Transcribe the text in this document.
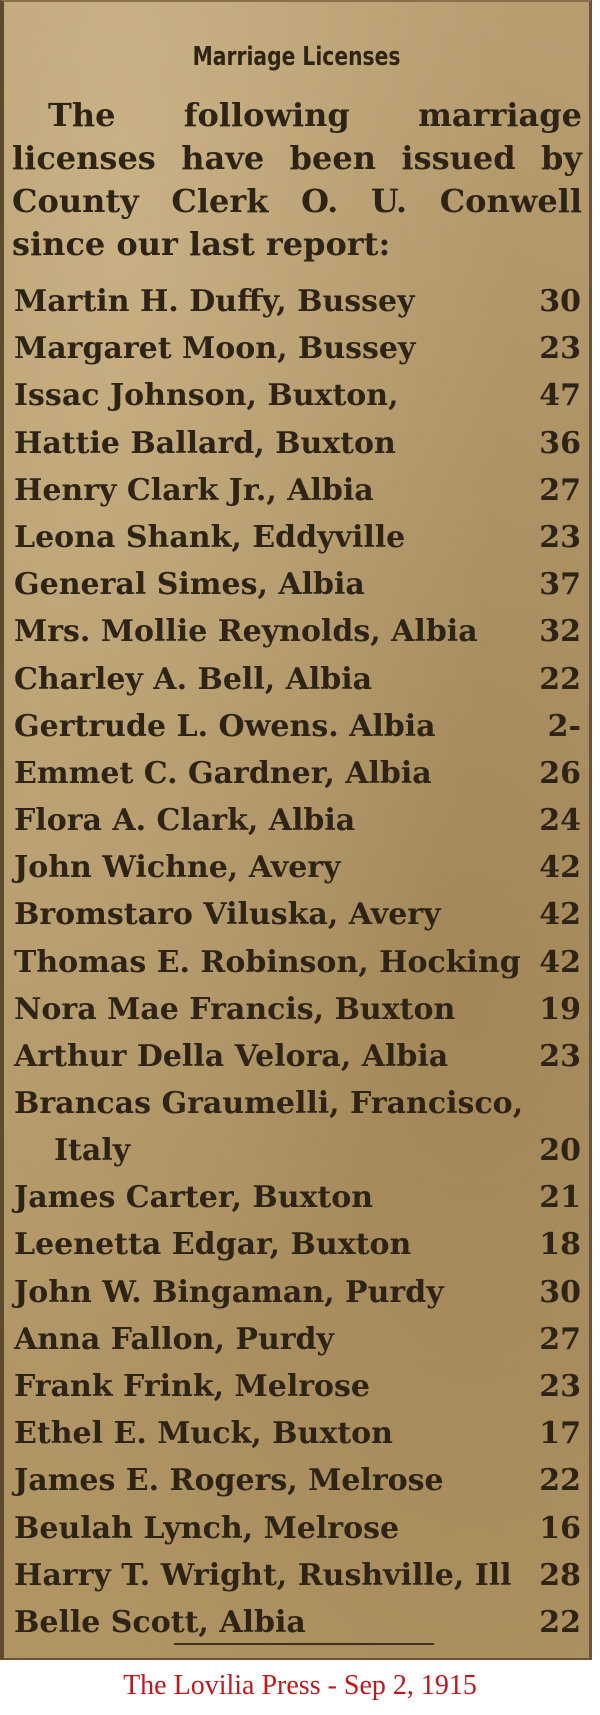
Marriage Licenses
The following marriage licenses have been issued by County Clerk O. U. Conwell since our last report:
Martin H. Duffy, Bussey	30
Margaret Moon, Bussey	23
Issac Johnson, Buxton,	47
Hattie Ballard, Buxton	36
Henry Clark Jr., Albia	27
Leona Shank, Eddyville	23
General Simes, Albia	37
Mrs. Mollie Reynolds, Albia 32
Charley A. Bell, Albia	22
Gertrude L. Owens. Albia	2-
Emmet C. Gardner, Albia	26
Flora A. Clark, Albia	24
John Wichne, Avery	42
Bromstaro Viluska, Avery	42
Thomas E. Robinson, Hocking 42
Nora Mae Francis, Buxton	19
Arthur Della Velora, Albia	23
Brancas Graumelli, Francisco,
Italy	20
James Carter, Buxton	21
Leenetta Edgar, Buxton	18
John W. Bingaman, Purdy	30
Anna Fallon, Purdy	27
Frank Frink, Melrose	23
Ethel E. Muck, Buxton	17
James E. Rogers, Melrose	22
Beulah Lynch, Melrose	16
Harry T. Wright, Rushville, Ill 28
Belle Scott, Albia	22
The Lovilia Press - Sep 2, 1915
